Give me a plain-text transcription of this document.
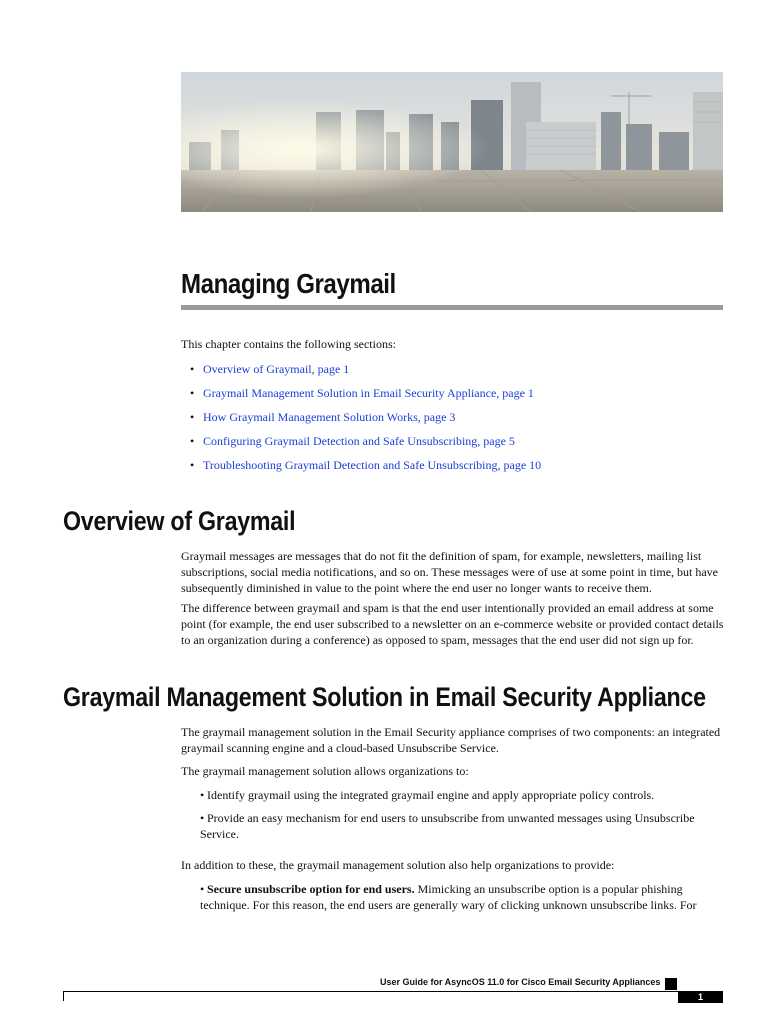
Managing Graymail

This chapter contains the following sections:

• Overview of Graymail, page 1
• Graymail Management Solution in Email Security Appliance, page 1
• How Graymail Management Solution Works, page 3
• Configuring Graymail Detection and Safe Unsubscribing, page 5
• Troubleshooting Graymail Detection and Safe Unsubscribing, page 10
Overview of Graymail

Graymail messages are messages that do not fit the definition of spam, for example, newsletters, mailing list subscriptions, social media notifications, and so on. These messages were of use at some point in time, but have subsequently diminished in value to the point where the end user no longer wants to receive them.

The difference between graymail and spam is that the end user intentionally provided an email address at some point (for example, the end user subscribed to a newsletter on an e-commerce website or provided contact details to an organization during a conference) as opposed to spam, messages that the end user did not sign up for.

Graymail Management Solution in Email Security Appliance

The graymail management solution in the Email Security appliance comprises of two components: an integrated graymail scanning engine and a cloud-based Unsubscribe Service.

The graymail management solution allows organizations to:

• Identify graymail using the integrated graymail engine and apply appropriate policy controls.

• Provide an easy mechanism for end users to unsubscribe from unwanted messages using Unsubscribe Service.

In addition to these, the graymail management solution also help organizations to provide:

• Secure unsubscribe option for end users. Mimicking an unsubscribe option is a popular phishing technique. For this reason, the end users are generally wary of clicking unknown unsubscribe links. For

User Guide for AsyncOS 11.0 for Cisco Email Security Appliances
1
